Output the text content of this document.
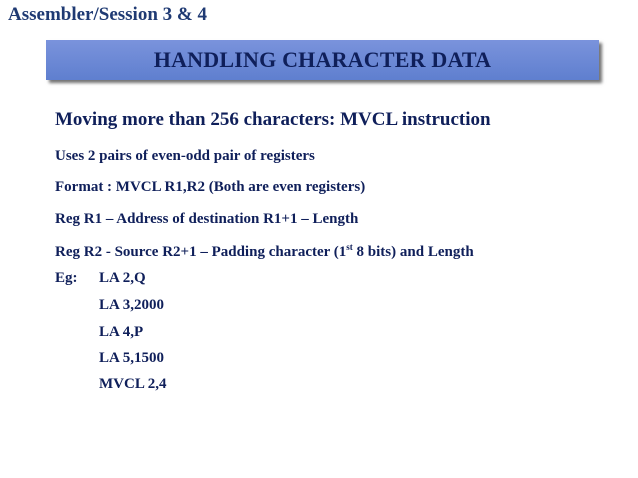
Assembler/Session 3 & 4
HANDLING CHARACTER DATA
Moving more than 256 characters: MVCL instruction
Uses 2 pairs of even-odd pair of registers
Format : MVCL R1,R2 (Both are even registers)
Reg R1 – Address of destination R1+1 – Length
Reg R2 - Source R2+1 – Padding character (1st 8 bits) and Length
Eg: LA 2,Q
LA 3,2000
LA 4,P
LA 5,1500
MVCL 2,4
